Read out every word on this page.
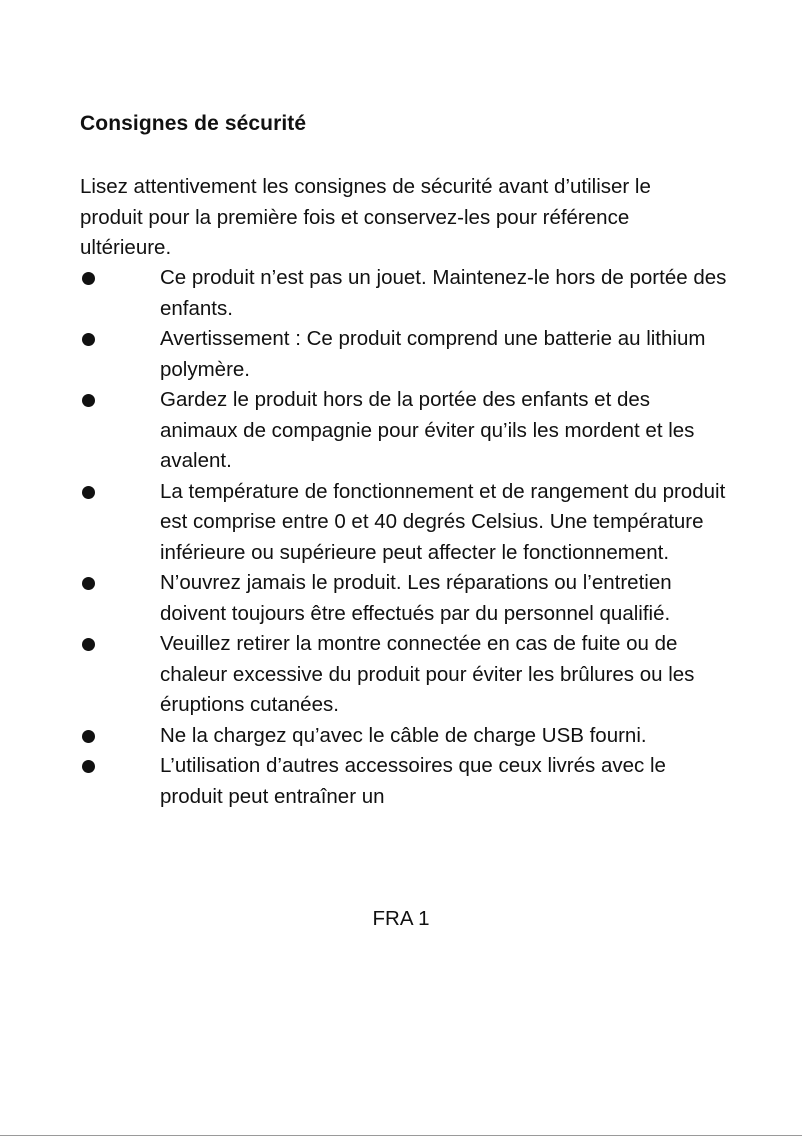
Consignes de sécurité
Lisez attentivement les consignes de sécurité avant d’utiliser le produit pour la première fois et conservez-les pour référence ultérieure.
Ce produit n’est pas un jouet. Maintenez-le hors de portée des enfants.
Avertissement : Ce produit comprend une batterie au lithium polymère.
Gardez le produit hors de la portée des enfants et des animaux de compagnie pour éviter qu’ils les mordent et les avalent.
La température de fonctionnement et de rangement du produit est comprise entre 0 et 40 degrés Celsius. Une température inférieure ou supérieure peut affecter le fonctionnement.
N’ouvrez jamais le produit. Les réparations ou l’entretien doivent toujours être effectués par du personnel qualifié.
Veuillez retirer la montre connectée en cas de fuite ou de chaleur excessive du produit pour éviter les brûlures ou les éruptions cutanées.
Ne la chargez qu’avec le câble de charge USB fourni.
L’utilisation d’autres accessoires que ceux livrés avec le produit peut entraîner un
FRA 1
